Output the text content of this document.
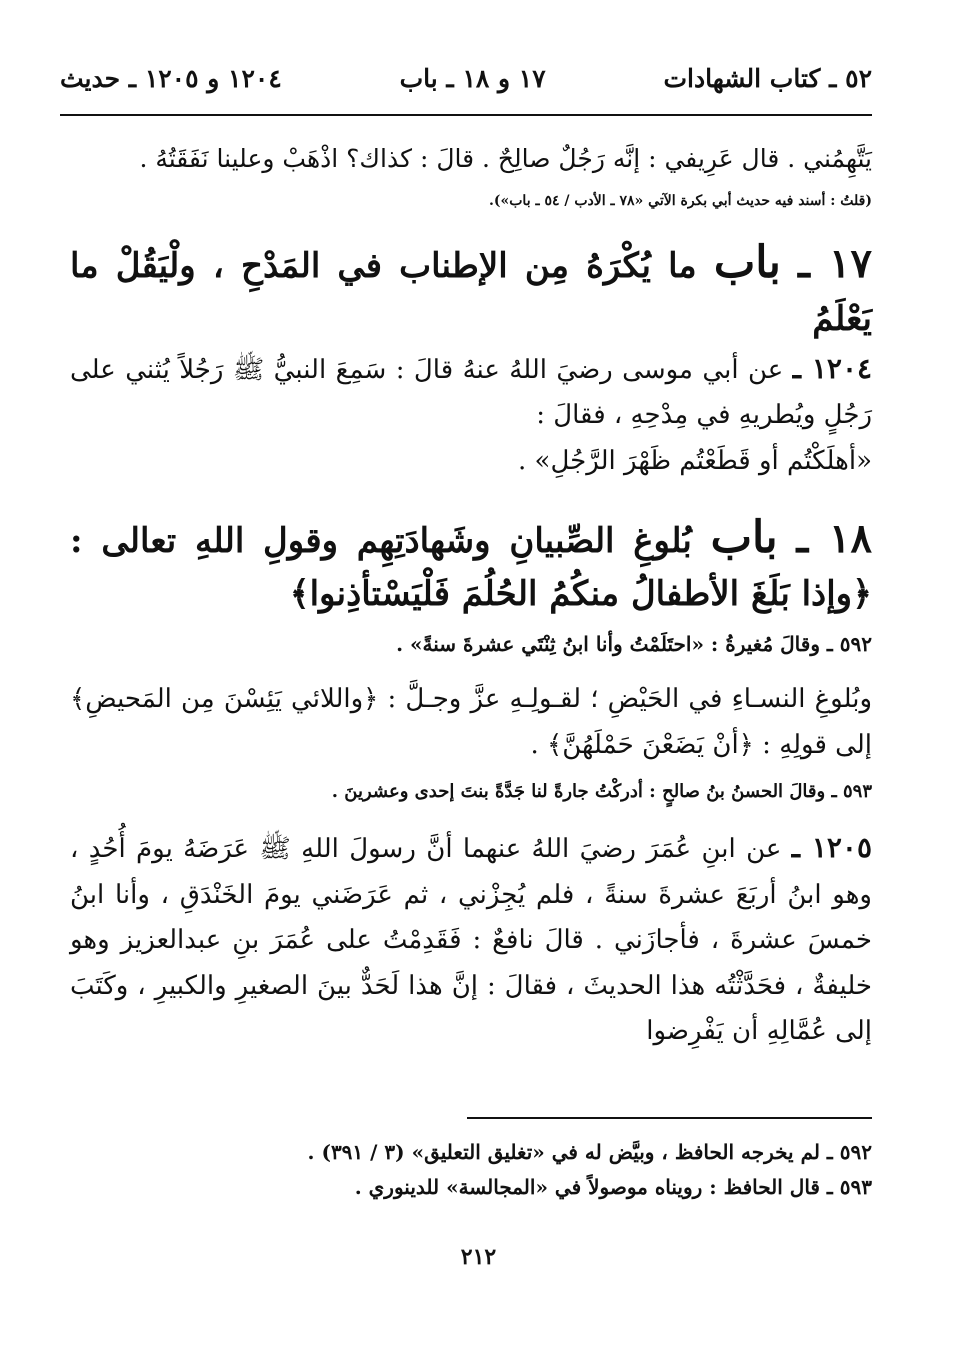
٥٢ ـ كتاب الشهادات
١٧ و ١٨ ـ باب
١٢٠٤ و ١٢٠٥ ـ حديث

يَتَّهِمُني . قال عَرِيفي : إنَّه رَجُلٌ صالِحٌ . قالَ : كذاك؟ اذْهَبْ وعلينا نَفَقَتُهُ .

(قلتُ : أسند فيه حديث أبي بكرة الآتي «٧٨ ـ الأدب / ٥٤ ـ باب»).

١٧ ـ باب ما يُكْرَهُ مِن الإطناب في المَدْحِ ، ولْيَقُلْ ما يَعْلَمُ

١٢٠٤ ـ عن أبي موسى رضيَ اللهُ عنهُ قالَ : سَمِعَ النبيُّ ﷺ رَجُلاً يُثني على رَجُلٍ ويُطريهِ في مِدْحِهِ ، فقالَ :

«أهلَكْتُم أو قَطَعْتُم ظَهْرَ الرَّجُلِ» .

١٨ ـ باب بُلوغِ الصِّبيانِ وشَهادَتِهِم وقولِ اللهِ تعالى : ﴿وإذا بَلَغَ الأطفالُ منكُمُ الحُلُمَ فَلْيَسْتأذِنوا﴾

٥٩٢ ـ وقالَ مُغيرةُ : «احتَلَمْتُ وأنا ابنُ ثِنْتَي عشرةَ سنةً» .

وبُلوغِ النسـاءِ في الحَيْضِ ؛ لقـولِـهِ عزَّ وجـلَّ : ﴿واللائي يَئِسْنَ مِن المَحيضِ﴾ إلى قولِهِ : ﴿أنْ يَضَعْنَ حَمْلَهُنَّ﴾ .

٥٩٣ ـ وقالَ الحسنُ بنُ صالحٍ : أدركْتُ جارةً لنا جَدَّةً بنتَ إحدى وعشرينَ .

١٢٠٥ ـ عن ابنِ عُمَرَ رضيَ اللهُ عنهما أنَّ رسولَ اللهِ ﷺ عَرَضَهُ يومَ أُحُدٍ ، وهو ابنُ أربَعَ عشرةَ سنةً ، فلم يُجِزْني ، ثم عَرَضَني يومَ الخَنْدَقِ ، وأنا ابنُ خمسَ عشرةَ ، فأجازَني . قالَ نافعٌ : فَقَدِمْتُ على عُمَرَ بنِ عبدالعزيز وهو خليفةٌ ، فحَدَّثْتُه هذا الحديثَ ، فقالَ : إنَّ هذا لَحَدٌّ بينَ الصغيرِ والكبيرِ ، وكَتَبَ إلى عُمَّالِهِ أن يَفْرِضوا

٥٩٢ ـ لم يخرجه الحافظ ، وبيَّض له في «تغليق التعليق» (٣ / ٣٩١) .

٥٩٣ ـ قال الحافظ : رويناه موصولاً في «المجالسة» للدينوري .

٢١٢
